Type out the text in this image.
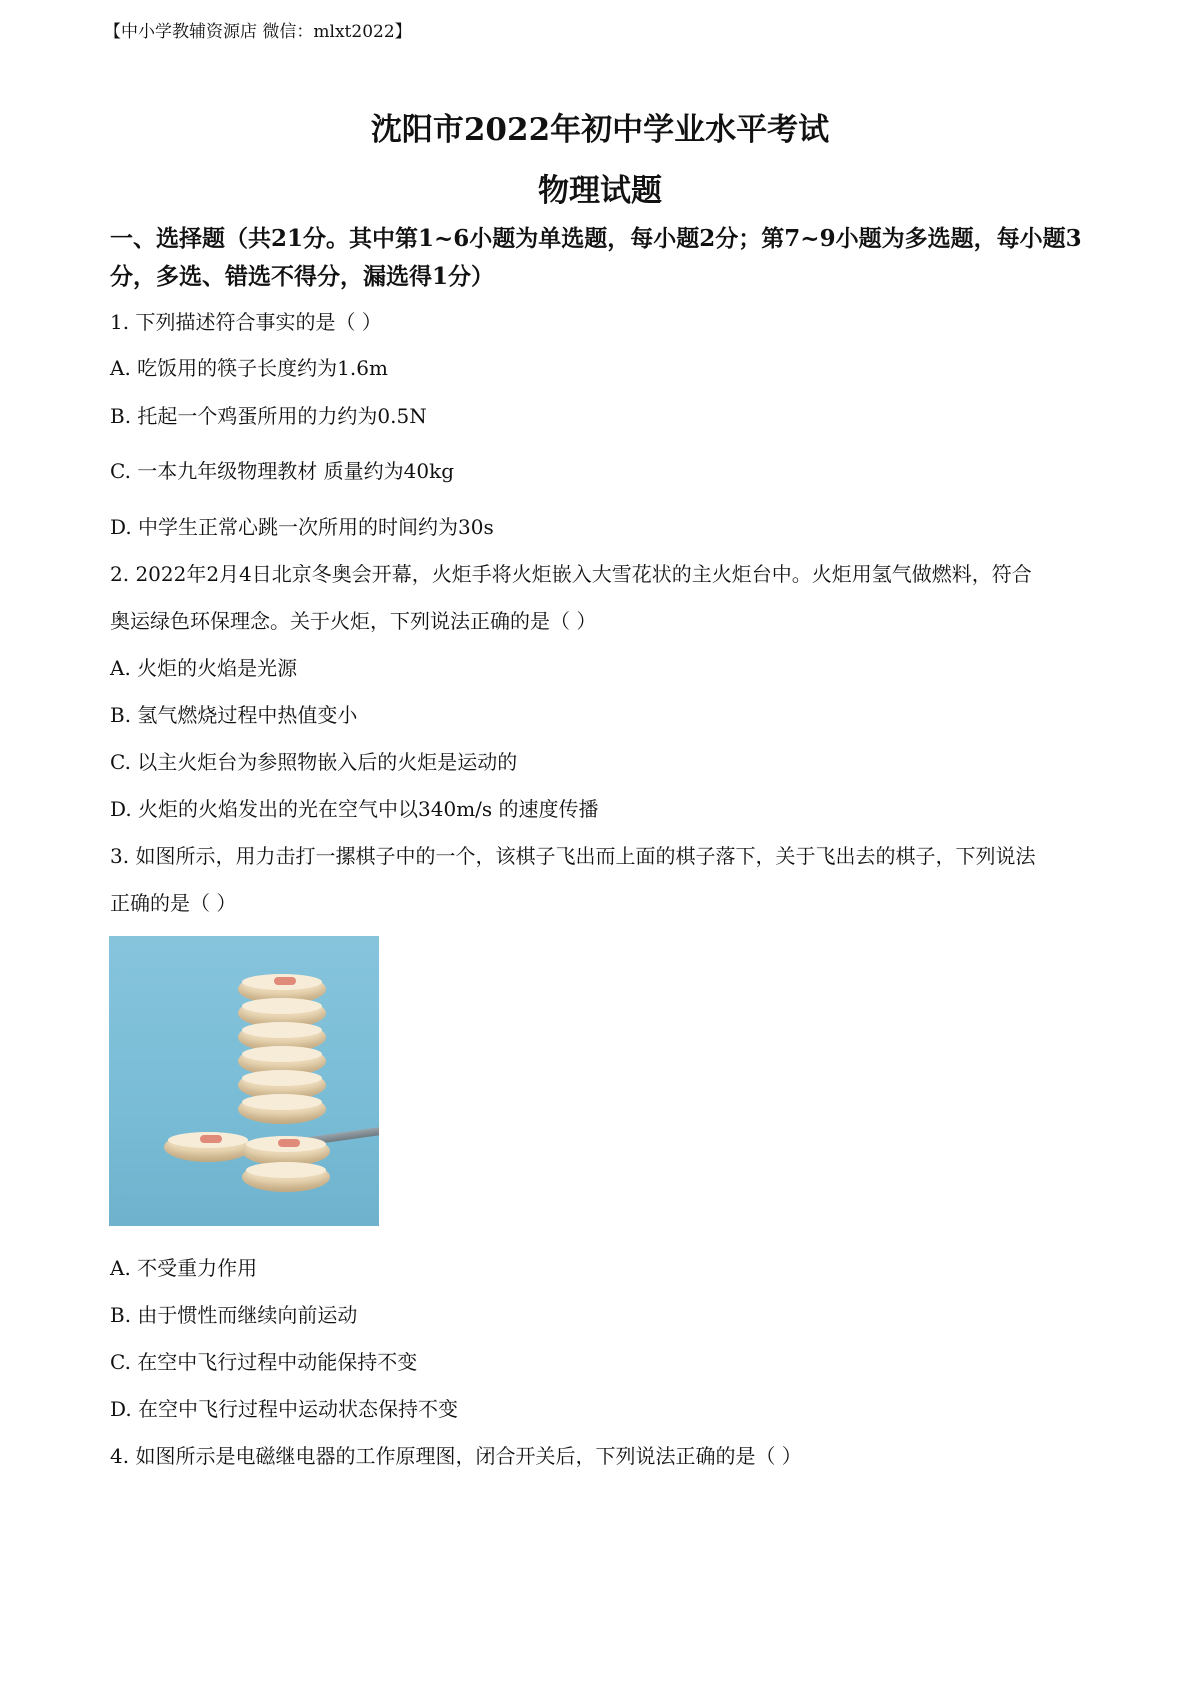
【中小学教辅资源店 微信：mlxt2022】
沈阳市2022年初中学业水平考试
物理试题
一、选择题（共21分。其中第1~6小题为单选题，每小题2分；第7~9小题为多选题，每小题3分，多选、错选不得分，漏选得1分）
1. 下列描述符合事实的是（ ）
A. 吃饭用的筷子长度约为1.6m
B. 托起一个鸡蛋所用的力约为0.5N
C. 一本九年级物理教材 质量约为40kg
D. 中学生正常心跳一次所用的时间约为30s
2. 2022年2月4日北京冬奥会开幕，火炬手将火炬嵌入大雪花状的主火炬台中。火炬用氢气做燃料，符合
奥运绿色环保理念。关于火炬，下列说法正确的是（ ）
A. 火炬的火焰是光源
B. 氢气燃烧过程中热值变小
C. 以主火炬台为参照物嵌入后的火炬是运动的
D. 火炬的火焰发出的光在空气中以340m/s 的速度传播
3. 如图所示，用力击打一摞棋子中的一个，该棋子飞出而上面的棋子落下，关于飞出去的棋子，下列说法
正确的是（ ）
A. 不受重力作用
B. 由于惯性而继续向前运动
C. 在空中飞行过程中动能保持不变
D. 在空中飞行过程中运动状态保持不变
4. 如图所示是电磁继电器的工作原理图，闭合开关后，下列说法正确的是（ ）
